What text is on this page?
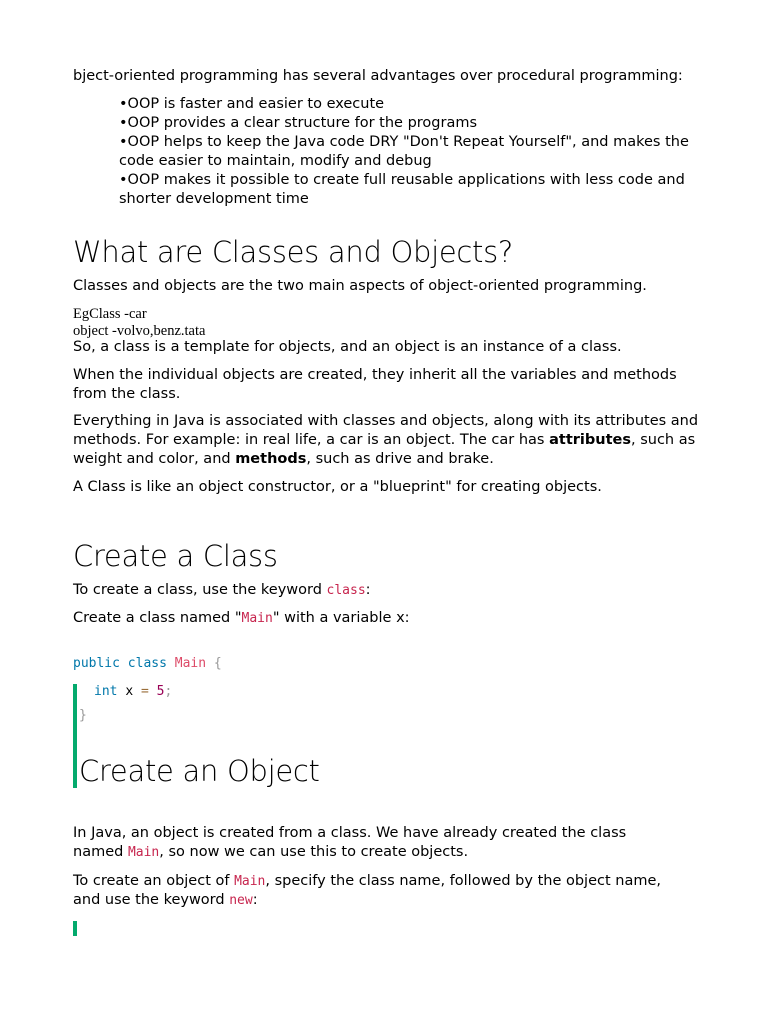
bject-oriented programming has several advantages over procedural programming:

•OOP is faster and easier to execute
•OOP provides a clear structure for the programs
•OOP helps to keep the Java code DRY "Don't Repeat Yourself", and makes the code easier to maintain, modify and debug
•OOP makes it possible to create full reusable applications with less code and shorter development time
What are Classes and Objects?

Classes and objects are the two main aspects of object-oriented programming.

EgClass -car
object -volvo,benz.tata

So, a class is a template for objects, and an object is an instance of a class.

When the individual objects are created, they inherit all the variables and methods from the class.

Everything in Java is associated with classes and objects, along with its attributes and methods. For example: in real life, a car is an object. The car has attributes, such as weight and color, and methods, such as drive and brake.

A Class is like an object constructor, or a "blueprint" for creating objects.

Create a Class

To create a class, use the keyword class:

Create a class named "Main" with a variable x:

public class Main {
int x = 5;
}
Create an Object

In Java, an object is created from a class. We have already created the class named Main, so now we can use this to create objects.

To create an object of Main, specify the class name, followed by the object name, and use the keyword new:
